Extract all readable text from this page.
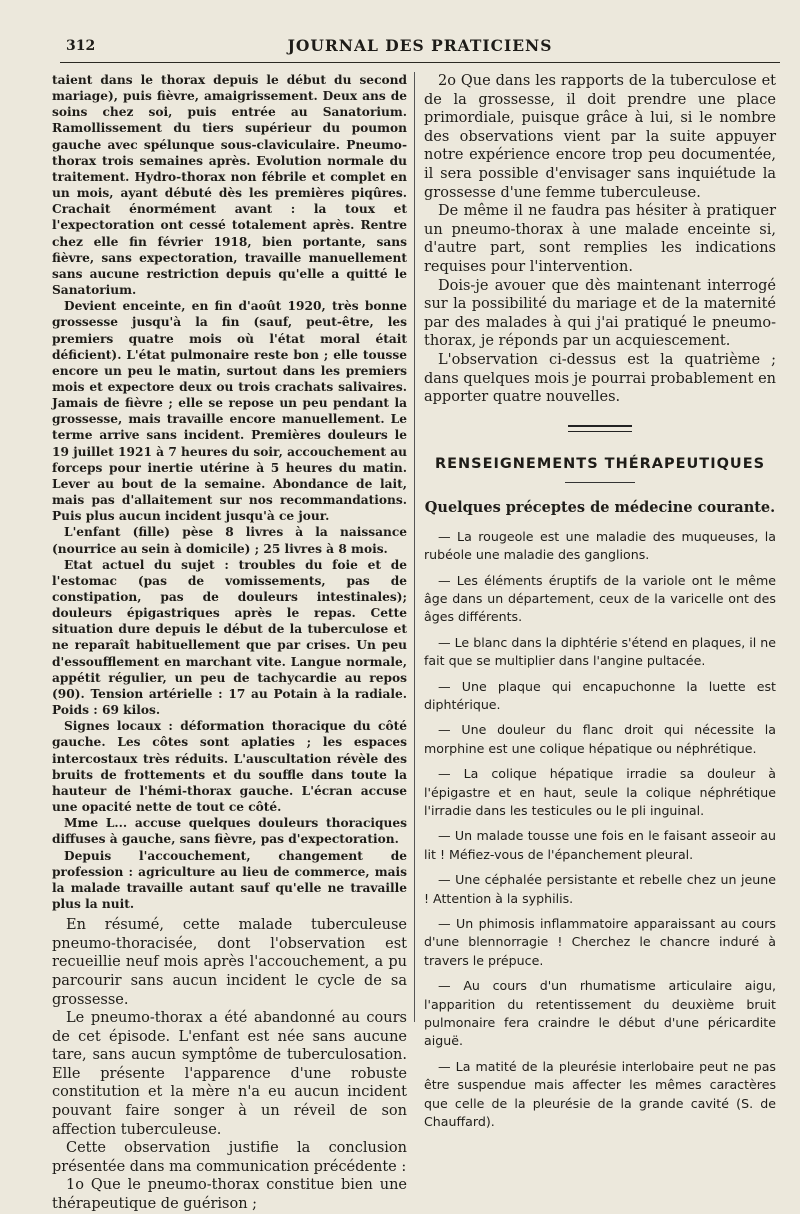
312	JOURNAL DES PRATICIENS

taient dans le thorax depuis le début du second mariage), puis fièvre, amaigrissement. Deux ans de soins chez soi, puis entrée au Sanatorium. Ramollissement du tiers supérieur du poumon gauche avec spélunque sous-claviculaire. Pneumo-thorax trois semaines après. Evolution normale du traitement. Hydro-thorax non fébrile et complet en un mois, ayant débuté dès les premières piqûres. Crachait énormément avant : la toux et l'expectoration ont cessé totalement après. Rentre chez elle fin février 1918, bien portante, sans fièvre, sans expectoration, travaille manuellement sans aucune restriction depuis qu'elle a quitté le Sanatorium.

Devient enceinte, en fin d'août 1920, très bonne grossesse jusqu'à la fin (sauf, peut-être, les premiers quatre mois où l'état moral était déficient). L'état pulmonaire reste bon ; elle tousse encore un peu le matin, surtout dans les premiers mois et expectore deux ou trois crachats salivaires. Jamais de fièvre ; elle se repose un peu pendant la grossesse, mais travaille encore manuellement. Le terme arrive sans incident. Premières douleurs le 19 juillet 1921 à 7 heures du soir, accouchement au forceps pour inertie utérine à 5 heures du matin. Lever au bout de la semaine. Abondance de lait, mais pas d'allaitement sur nos recommandations. Puis plus aucun incident jusqu'à ce jour.

L'enfant (fille) pèse 8 livres à la naissance (nourrice au sein à domicile) ; 25 livres à 8 mois.

Etat actuel du sujet : troubles du foie et de l'estomac (pas de vomissements, pas de constipation, pas de douleurs intestinales); douleurs épigastriques après le repas. Cette situation dure depuis le début de la tuberculose et ne reparaît habituellement que par crises. Un peu d'essoufflement en marchant vite. Langue normale, appétit régulier, un peu de tachycardie au repos (90). Tension artérielle : 17 au Potain à la radiale. Poids : 69 kilos.

Signes locaux : déformation thoracique du côté gauche. Les côtes sont aplaties ; les espaces intercostaux très réduits. L'auscultation révèle des bruits de frottements et du souffle dans toute la hauteur de l'hémi-thorax gauche. L'écran accuse une opacité nette de tout ce côté.

Mme L... accuse quelques douleurs thoraciques diffuses à gauche, sans fièvre, pas d'expectoration.

Depuis l'accouchement, changement de profession : agriculture au lieu de commerce, mais la malade travaille autant sauf qu'elle ne travaille plus la nuit.

En résumé, cette malade tuberculeuse pneumo-thoracisée, dont l'observation est recueillie neuf mois après l'accouchement, a pu parcourir sans aucun incident le cycle de sa grossesse.

Le pneumo-thorax a été abandonné au cours de cet épisode. L'enfant est née sans aucune tare, sans aucun symptôme de tuberculosation. Elle présente l'apparence d'une robuste constitution et la mère n'a eu aucun incident pouvant faire songer à un réveil de son affection tuberculeuse.

Cette observation justifie la conclusion présentée dans ma communication précédente :

1o Que le pneumo-thorax constitue bien une thérapeutique de guérison ;

2o Que dans les rapports de la tuberculose et de la grossesse, il doit prendre une place primordiale, puisque grâce à lui, si le nombre des observations vient par la suite appuyer notre expérience encore trop peu documentée, il sera possible d'envisager sans inquiétude la grossesse d'une femme tuberculeuse.

De même il ne faudra pas hésiter à pratiquer un pneumo-thorax à une malade enceinte si, d'autre part, sont remplies les indications requises pour l'intervention.

Dois-je avouer que dès maintenant interrogé sur la possibilité du mariage et de la maternité par des malades à qui j'ai pratiqué le pneumo-thorax, je réponds par un acquiescement.

L'observation ci-dessus est la quatrième ; dans quelques mois je pourrai probablement en apporter quatre nouvelles.

RENSEIGNEMENTS THÉRAPEUTIQUES
Quelques préceptes de médecine courante.

— La rougeole est une maladie des muqueuses, la rubéole une maladie des ganglions.

— Les éléments éruptifs de la variole ont le même âge dans un département, ceux de la varicelle ont des âges différents.

— Le blanc dans la diphtérie s'étend en plaques, il ne fait que se multiplier dans l'angine pultacée.

— Une plaque qui encapuchonne la luette est diphtérique.

— Une douleur du flanc droit qui nécessite la morphine est une colique hépatique ou néphrétique.

— La colique hépatique irradie sa douleur à l'épigastre et en haut, seule la colique néphrétique l'irradie dans les testicules ou le pli inguinal.

— Un malade tousse une fois en le faisant asseoir au lit ! Méfiez-vous de l'épanchement pleural.

— Une céphalée persistante et rebelle chez un jeune ! Attention à la syphilis.

— Un phimosis inflammatoire apparaissant au cours d'une blennorragie ! Cherchez le chancre induré à travers le prépuce.

— Au cours d'un rhumatisme articulaire aigu, l'apparition du retentissement du deuxième bruit pulmonaire fera craindre le début d'une péricardite aiguë.

— La matité de la pleurésie interlobaire peut ne pas être suspendue mais affecter les mêmes caractères que celle de la pleurésie de la grande cavité (S. de Chauffard).
